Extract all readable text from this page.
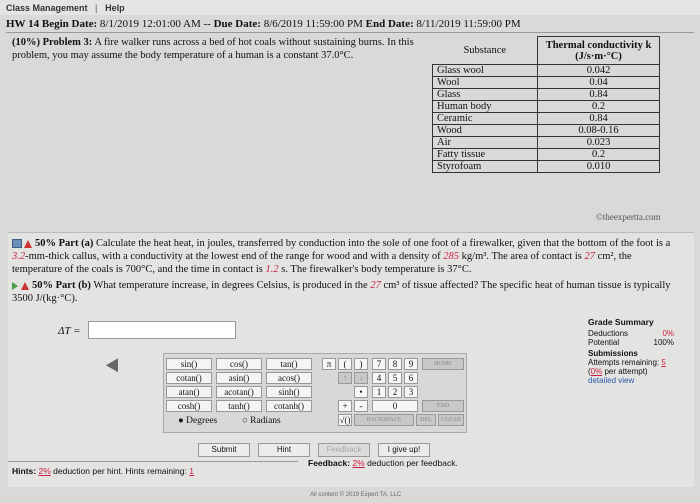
Class Management | Help
HW 14 Begin Date: 8/1/2019 12:01:00 AM -- Due Date: 8/6/2019 11:59:00 PM End Date: 8/11/2019 11:59:00 PM
(10%) Problem 3: A fire walker runs across a bed of hot coals without sustaining burns. In this problem, you may assume the body temperature of a human is a constant 37.0°C.	Substance	Thermal conductivity k
(J/s·m·°C)
Glass wool	0.042
Wool	0.04
Glass	0.84
Human body	0.2
Ceramic	0.84
Wood	0.08-0.16
Air	0.023
Fatty tissue	0.2
Styrofoam	0.010
©theexpertta.com
50% Part (a) Calculate the heat heat, in joules, transferred by conduction into the sole of one foot of a firewalker, given that the bottom of the foot is a 3.2-mm-thick callus, with a conductivity at the lowest end of the range for wood and with a density of 285 kg/m³. The area of contact is 27 cm², the temperature of the coals is 700°C, and the time in contact is 1.2 s. The firewalker's body temperature is 37°C.
50% Part (b) What temperature increase, in degrees Celsius, is produced in the 27 cm³ of tissue affected? The specific heat of human tissue is typically 3500 J/(kg·°C).
ΔT =
Grade Summary
Deductions	0%
Potential	100%
Submissions
Attempts remaining: 5
(0% per attempt)
detailed view
sin()	cos()	tan()
cotan()	asin()	acos()
atan()	acotan()	sinh()
cosh()	tanh()	cotanh()
● Degrees	○ Radians
π	(	)
↑	↓
•
+	-
√()
7	8	9
4	5	6
1	2	3
0
HOME
END
BACKSPACE	DEL	CLEAR
Submit	Hint	Feedback	I give up!
Hints: 2% deduction per hint. Hints remaining: 1
Feedback: 2% deduction per feedback.
All content © 2019 Expert TA, LLC
